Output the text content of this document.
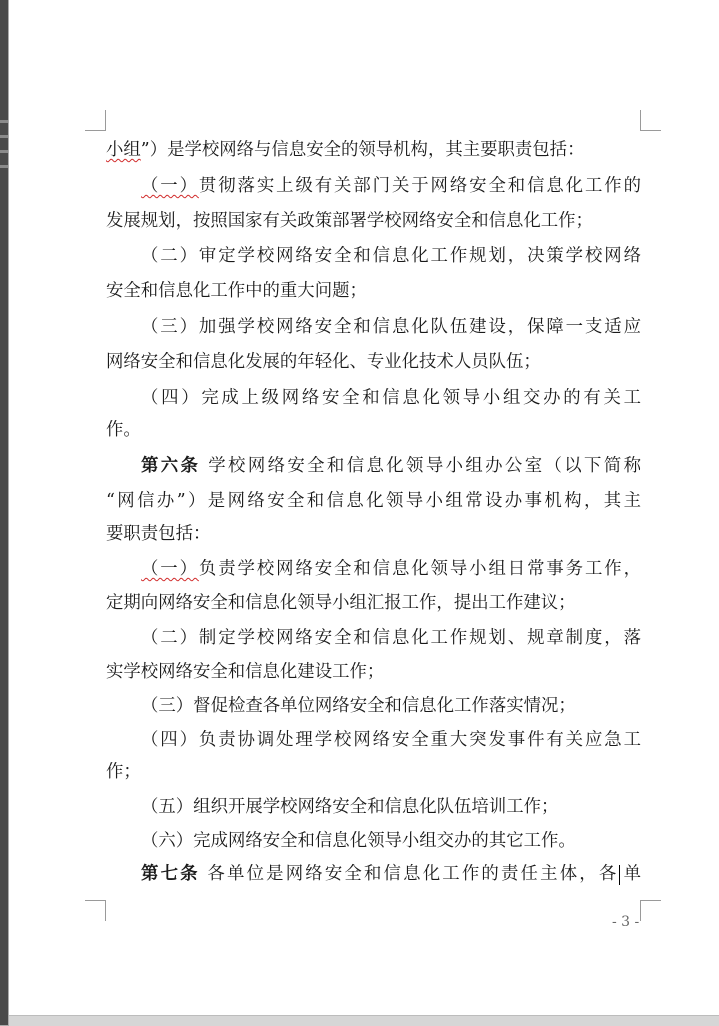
小组”）是学校网络与信息安全的领导机构，其主要职责包括：
（一）贯彻落实上级有关部门关于网络安全和信息化工作的
发展规划，按照国家有关政策部署学校网络安全和信息化工作；
（二）审定学校网络安全和信息化工作规划，决策学校网络
安全和信息化工作中的重大问题；
（三）加强学校网络安全和信息化队伍建设，保障一支适应
网络安全和信息化发展的年轻化、专业化技术人员队伍；
（四）完成上级网络安全和信息化领导小组交办的有关工
作。
第六条 学校网络安全和信息化领导小组办公室（以下简称
“网信办”）是网络安全和信息化领导小组常设办事机构，其主
要职责包括：
（一）负责学校网络安全和信息化领导小组日常事务工作，
定期向网络安全和信息化领导小组汇报工作，提出工作建议；
（二）制定学校网络安全和信息化工作规划、规章制度，落
实学校网络安全和信息化建设工作；
（三）督促检查各单位网络安全和信息化工作落实情况；
（四）负责协调处理学校网络安全重大突发事件有关应急工
作；
（五）组织开展学校网络安全和信息化队伍培训工作；
（六）完成网络安全和信息化领导小组交办的其它工作。
第七条 各单位是网络安全和信息化工作的责任主体，各 单
- 3 -
